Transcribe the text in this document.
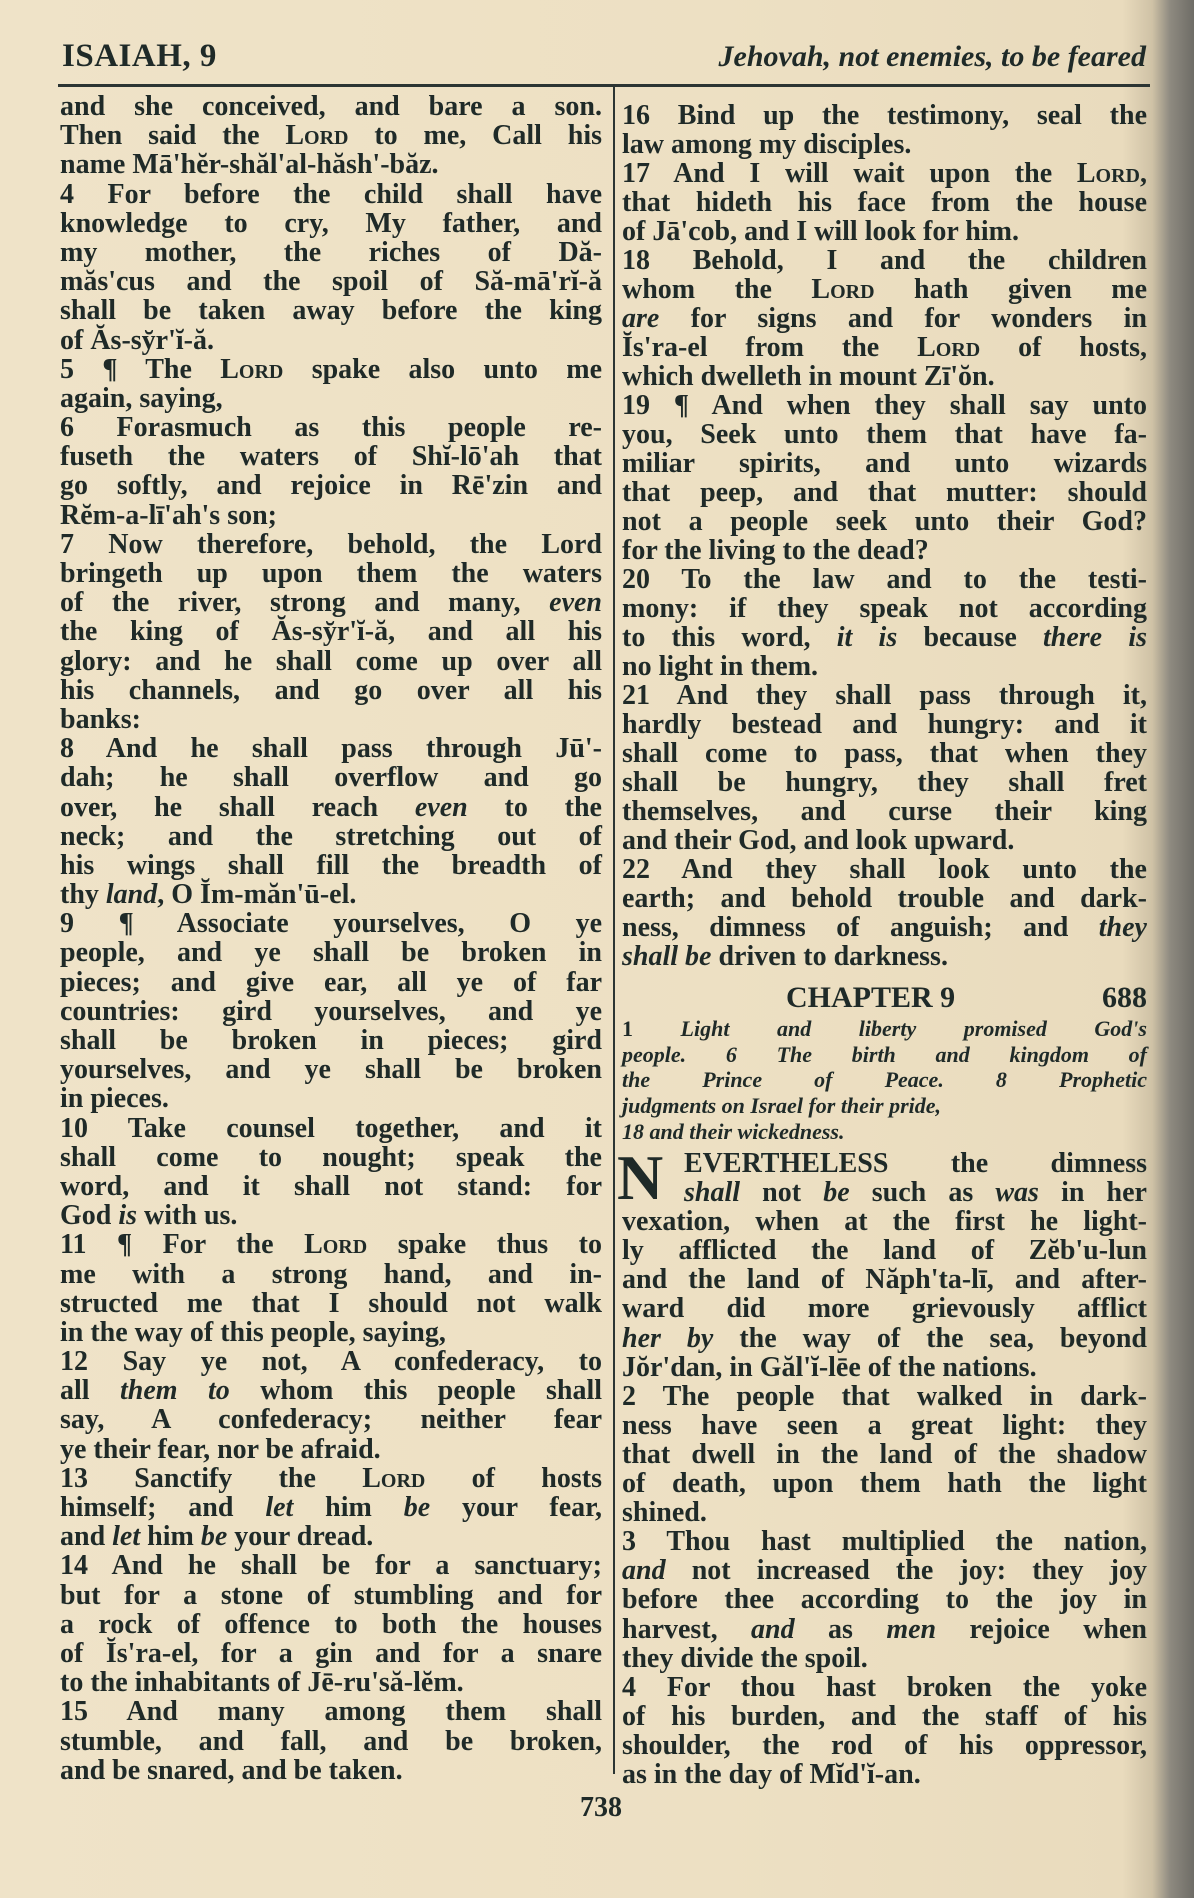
ISAIAH, 9	Jehovah, not enemies, to be feared
and she conceived, and bare a son.
Then said the Lord to me, Call his
name Mā'hĕr-shăl'al-hăsh'-băz.
4 For before the child shall have
knowledge to cry, My father, and
my mother, the riches of Dă-
măs'cus and the spoil of Să-mā'rĭ-ă
shall be taken away before the king
of Ăs-sy̆r'ĭ-ă.
5 ¶ The Lord spake also unto me
again, saying,
6 Forasmuch as this people re-
fuseth the waters of Shĭ-lō'ah that
go softly, and rejoice in Rē'zin and
Rĕm-a-lī'ah's son;
7 Now therefore, behold, the Lord
bringeth up upon them the waters
of the river, strong and many, even
the king of Ăs-sy̆r'ĭ-ă, and all his
glory: and he shall come up over all
his channels, and go over all his
banks:
8 And he shall pass through Jū'-
dah; he shall overflow and go
over, he shall reach even to the
neck; and the stretching out of
his wings shall fill the breadth of
thy land, O Ĭm-măn'ū-el.
9 ¶ Associate yourselves, O ye
people, and ye shall be broken in
pieces; and give ear, all ye of far
countries: gird yourselves, and ye
shall be broken in pieces; gird
yourselves, and ye shall be broken
in pieces.
10 Take counsel together, and it
shall come to nought; speak the
word, and it shall not stand: for
God is with us.
11 ¶ For the Lord spake thus to
me with a strong hand, and in-
structed me that I should not walk
in the way of this people, saying,
12 Say ye not, A confederacy, to
all them to whom this people shall
say, A confederacy; neither fear
ye their fear, nor be afraid.
13 Sanctify the Lord of hosts
himself; and let him be your fear,
and let him be your dread.
14 And he shall be for a sanctuary;
but for a stone of stumbling and for
a rock of offence to both the houses
of Ĭs'ra-el, for a gin and for a snare
to the inhabitants of Jē-ru'să-lĕm.
15 And many among them shall
stumble, and fall, and be broken,
and be snared, and be taken.
16 Bind up the testimony, seal the
law among my disciples.
17 And I will wait upon the Lord,
that hideth his face from the house
of Jā'cob, and I will look for him.
18 Behold, I and the children
whom the Lord hath given me
are for signs and for wonders in
Ĭs'ra-el from the Lord of hosts,
which dwelleth in mount Zī'ŏn.
19 ¶ And when they shall say unto
you, Seek unto them that have fa-
miliar spirits, and unto wizards
that peep, and that mutter: should
not a people seek unto their God?
for the living to the dead?
20 To the law and to the testi-
mony: if they speak not according
to this word, it is because there is
no light in them.
21 And they shall pass through it,
hardly bestead and hungry: and it
shall come to pass, that when they
shall be hungry, they shall fret
themselves, and curse their king
and their God, and look upward.
22 And they shall look unto the
earth; and behold trouble and dark-
ness, dimness of anguish; and they
shall be driven to darkness.
CHAPTER 9	688
1 Light and liberty promised God's
people. 6 The birth and kingdom of
the Prince of Peace. 8 Prophetic
judgments on Israel for their pride,
18 and their wickedness.
N EVERTHELESS the dimness
shall not be such as was in her
vexation, when at the first he light-
ly afflicted the land of Zĕb'u-lun
and the land of Năph'ta-lī, and after-
ward did more grievously afflict
her by the way of the sea, beyond
Jŏr'dan, in Găl'ĭ-lēe of the nations.
2 The people that walked in dark-
ness have seen a great light: they
that dwell in the land of the shadow
of death, upon them hath the light
shined.
3 Thou hast multiplied the nation,
and not increased the joy: they joy
before thee according to the joy in
harvest, and as men rejoice when
they divide the spoil.
4 For thou hast broken the yoke
of his burden, and the staff of his
shoulder, the rod of his oppressor,
as in the day of Mĭd'ĭ-an.
738
